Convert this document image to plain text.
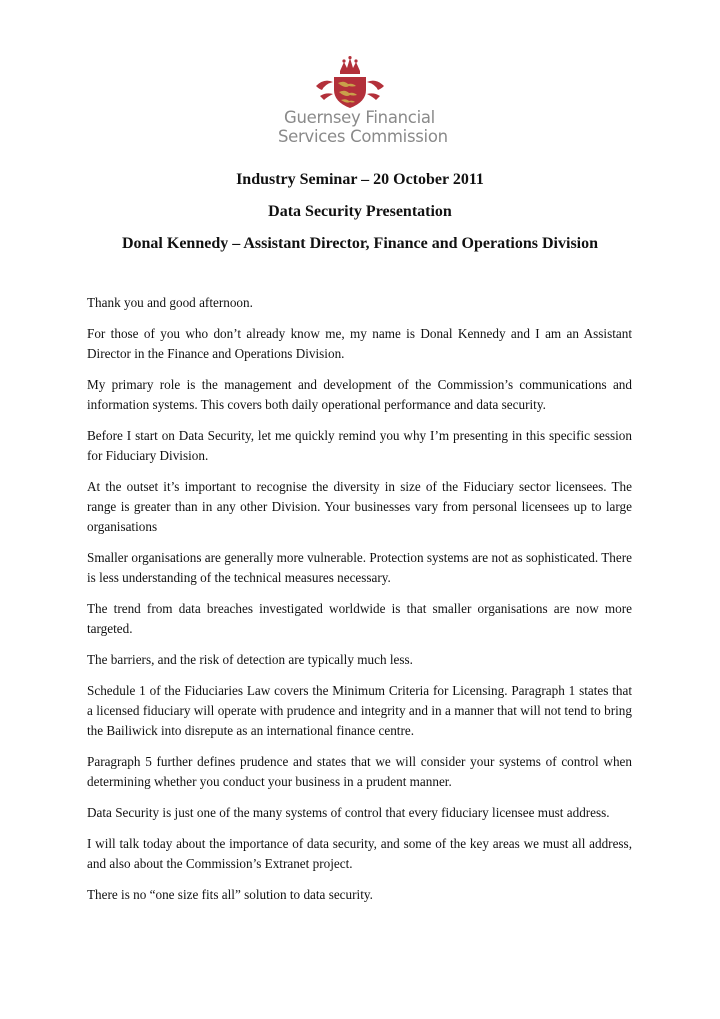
Guernsey Financial
Services Commission
Industry Seminar – 20 October 2011
Data Security Presentation
Donal Kennedy – Assistant Director, Finance and Operations Division

Thank you and good afternoon.

For those of you who don’t already know me, my name is Donal Kennedy and I am an Assistant Director in the Finance and Operations Division.

My primary role is the management and development of the Commission’s communications and information systems. This covers both daily operational performance and data security.

Before I start on Data Security, let me quickly remind you why I’m presenting in this specific session for Fiduciary Division.

At the outset it’s important to recognise the diversity in size of the Fiduciary sector licensees. The range is greater than in any other Division. Your businesses vary from personal licensees up to large organisations

Smaller organisations are generally more vulnerable. Protection systems are not as sophisticated. There is less understanding of the technical measures necessary.

The trend from data breaches investigated worldwide is that smaller organisations are now more targeted.

The barriers, and the risk of detection are typically much less.

Schedule 1 of the Fiduciaries Law covers the Minimum Criteria for Licensing. Paragraph 1 states that a licensed fiduciary will operate with prudence and integrity and in a manner that will not tend to bring the Bailiwick into disrepute as an international finance centre.

Paragraph 5 further defines prudence and states that we will consider your systems of control when determining whether you conduct your business in a prudent manner.

Data Security is just one of the many systems of control that every fiduciary licensee must address.

I will talk today about the importance of data security, and some of the key areas we must all address, and also about the Commission’s Extranet project.

There is no “one size fits all” solution to data security.
